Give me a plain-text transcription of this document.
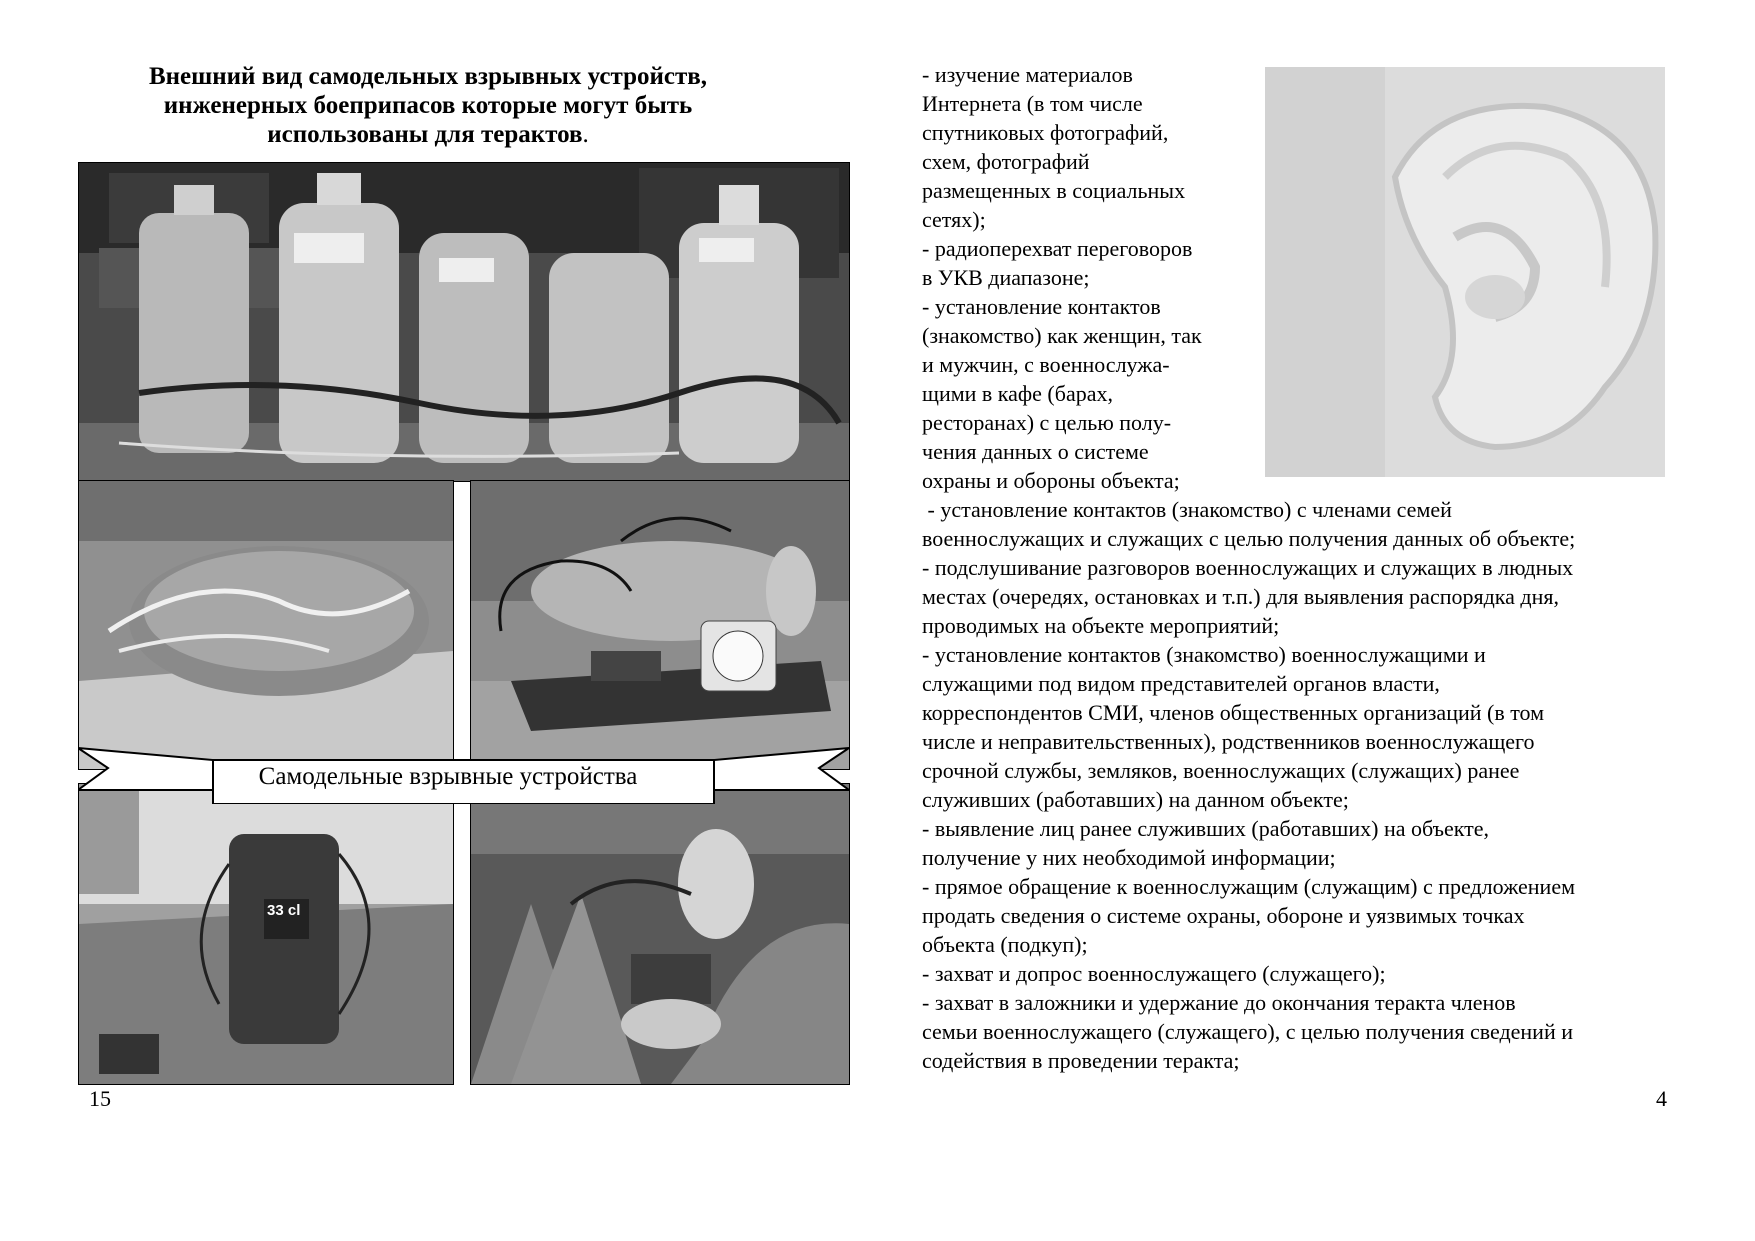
Внешний вид самодельных взрывных устройств,
инженерных боеприпасов которые могут быть
использованы для терактов.
33 cl
Самодельные взрывные устройства
15
- изучение материалов
Интернета (в том числе
спутниковых фотографий,
схем, фотографий
размещенных в социальных
сетях);
- радиоперехват переговоров
в УКВ диапазоне;
- установление контактов
(знакомство) как женщин, так
и мужчин, с военнослужа-
щими в кафе (барах,
ресторанах) с целью полу-
чения данных о системе
охраны и обороны объекта;
- установление контактов (знакомство) с членами семей
военнослужащих и служащих с целью получения данных об объекте;
- подслушивание разговоров военнослужащих и служащих в людных
местах (очередях, остановках и т.п.) для выявления распорядка дня,
проводимых на объекте мероприятий;
- установление контактов (знакомство) военнослужащими и
служащими под видом представителей органов власти,
корреспондентов СМИ, членов общественных организаций (в том
числе и неправительственных), родственников военнослужащего
срочной службы, земляков, военнослужащих (служащих) ранее
служивших (работавших) на данном объекте;
- выявление лиц ранее служивших (работавших) на объекте,
получение у них необходимой информации;
- прямое обращение к военнослужащим (служащим) с предложением
продать сведения о системе охраны, обороне и уязвимых точках
объекта (подкуп);
- захват и допрос военнослужащего (служащего);
- захват в заложники и удержание до окончания теракта членов
семьи военнослужащего (служащего), с целью получения сведений и
содействия в проведении теракта;
4
